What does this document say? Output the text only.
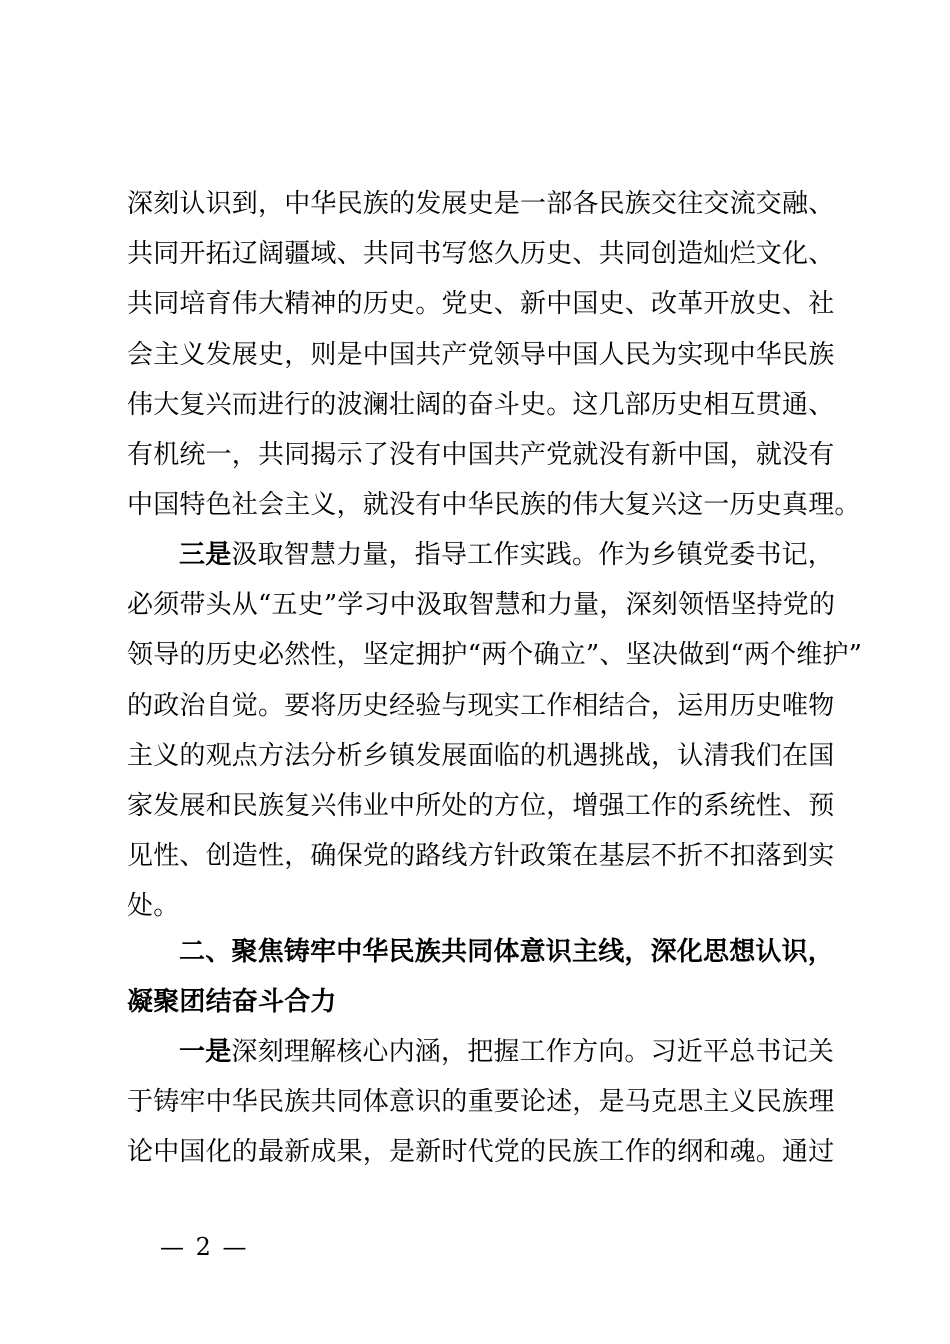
深刻认识到，中华民族的发展史是一部各民族交往交流交融、
共同开拓辽阔疆域、共同书写悠久历史、共同创造灿烂文化、
共同培育伟大精神的历史。党史、新中国史、改革开放史、社
会主义发展史，则是中国共产党领导中国人民为实现中华民族
伟大复兴而进行的波澜壮阔的奋斗史。这几部历史相互贯通、
有机统一，共同揭示了没有中国共产党就没有新中国，就没有
中国特色社会主义，就没有中华民族的伟大复兴这一历史真理。
三是汲取智慧力量，指导工作实践。作为乡镇党委书记，
必须带头从“五史”学习中汲取智慧和力量，深刻领悟坚持党的
领导的历史必然性，坚定拥护“两个确立”、坚决做到“两个维护”
的政治自觉。要将历史经验与现实工作相结合，运用历史唯物
主义的观点方法分析乡镇发展面临的机遇挑战，认清我们在国
家发展和民族复兴伟业中所处的方位，增强工作的系统性、预
见性、创造性，确保党的路线方针政策在基层不折不扣落到实
处。
二、聚焦铸牢中华民族共同体意识主线，深化思想认识，
凝聚团结奋斗合力
一是深刻理解核心内涵，把握工作方向。习近平总书记关
于铸牢中华民族共同体意识的重要论述，是马克思主义民族理
论中国化的最新成果，是新时代党的民族工作的纲和魂。通过
— 2 —
